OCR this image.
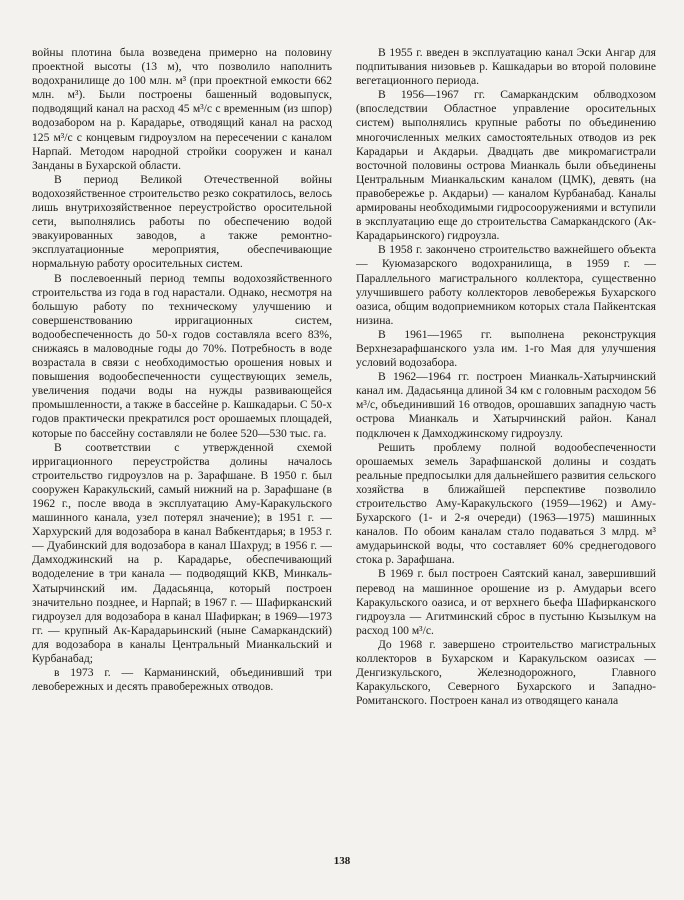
войны плотина была возведена примерно на половину проектной высоты (13 м), что позволило наполнить водохранилище до 100 млн. м³ (при проектной емкости 662 млн. м³). Были построены башенный водовыпуск, подводящий канал на расход 45 м³/с с временным (из шпор) водозабором на р. Карадарье, отводящий канал на расход 125 м³/с с концевым гидроузлом на пересечении с каналом Нарпай. Методом народной стройки сооружен и канал Занданы в Бухарской области.

В период Великой Отечественной войны водохозяйственное строительство резко сократилось, велось лишь внутрихозяйственное переустройство оросительной сети, выполнялись работы по обеспечению водой эвакуированных заводов, а также ремонтно-эксплуатационные мероприятия, обеспечивающие нормальную работу оросительных систем.

В послевоенный период темпы водохозяйственного строительства из года в год нарастали. Однако, несмотря на большую работу по техническому улучшению и совершенствованию ирригационных систем, водообеспеченность до 50-х годов составляла всего 83%, снижаясь в маловодные годы до 70%. Потребность в воде возрастала в связи с необходимостью орошения новых и повышения водообеспеченности существующих земель, увеличения подачи воды на нужды развивающейся промышленности, а также в бассейне р. Кашкадарьи. С 50-х годов практически прекратился рост орошаемых площадей, которые по бассейну составляли не более 520—530 тыс. га.

В соответствии с утвержденной схемой ирригационного переустройства долины началось строительство гидроузлов на р. Зарафшане. В 1950 г. был сооружен Каракульский, самый нижний на р. Зарафшане (в 1962 г., после ввода в эксплуатацию Аму-Каракульского машинного канала, узел потерял значение); в 1951 г. — Хархурский для водозабора в канал Вабкентдарья; в 1953 г. — Дуабинский для водозабора в канал Шахруд; в 1956 г. — Дамходжинский на р. Карадарье, обеспечивающий вододеление в три канала — подводящий ККВ, Минкаль-Хатырчинский им. Дадасьянца, который построен значительно позднее, и Нарпай; в 1967 г. — Шафирканский гидроузел для водозабора в канал Шафиркан; в 1969—1973 гг. — крупный Ак-Карадарьинский (ныне Самаркандский) для водозабора в каналы Центральный Мианкальский и Курбанабад;

в 1973 г. — Карманинский, объединивший три левобережных и десять правобережных отводов.

В 1955 г. введен в эксплуатацию канал Эски Ангар для подпитывания низовьев р. Кашкадарьи во второй половине вегетационного периода.

В 1956—1967 гг. Самаркандским облводхозом (впоследствии Областное управление оросительных систем) выполнялись крупные работы по объединению многочисленных мелких самостоятельных отводов из рек Карадарьи и Акдарьи. Двадцать две микромагистрали восточной половины острова Мианкаль были объединены Центральным Мианкальским каналом (ЦМК), девять (на правобережье р. Акдарьи) — каналом Курбанабад. Каналы армированы необходимыми гидросооружениями и вступили в эксплуатацию еще до строительства Самаркандского (Ак-Карадарьинского) гидроузла.

В 1958 г. закончено строительство важнейшего объекта — Куюмазарского водохранилища, в 1959 г. — Параллельного магистрального коллектора, существенно улучшившего работу коллекторов левобережья Бухарского оазиса, общим водоприемником которых стала Пайкентская низина.

В 1961—1965 гг. выполнена реконструкция Верхнезарафшанского узла им. 1-го Мая для улучшения условий водозабора.

В 1962—1964 гг. построен Мианкаль-Хатырчинский канал им. Дадасьянца длиной 34 км с головным расходом 56 м³/с, объединивший 16 отводов, орошавших западную часть острова Мианкаль и Хатырчинский район. Канал подключен к Дамходжинскому гидроузлу.

Решить проблему полной водообеспеченности орошаемых земель Зарафшанской долины и создать реальные предпосылки для дальнейшего развития сельского хозяйства в ближайшей перспективе позволило строительство Аму-Каракульского (1959—1962) и Аму-Бухарского (1- и 2-я очереди) (1963—1975) машинных каналов. По обоим каналам стало подаваться 3 млрд. м³ амударьинской воды, что составляет 60% среднегодового стока р. Зарафшана.

В 1969 г. был построен Саятский канал, завершивший перевод на машинное орошение из р. Амударьи всего Каракульского оазиса, и от верхнего бьефа Шафирканского гидроузла — Агитминский сброс в пустыню Кызылкум на расход 100 м³/с.

До 1968 г. завершено строительство магистральных коллекторов в Бухарском и Каракульском оазисах — Денгизкульского, Железнодорожного, Главного Каракульского, Северного Бухарского и Западно-Ромитанского. Построен канал из отводящего канала

138
